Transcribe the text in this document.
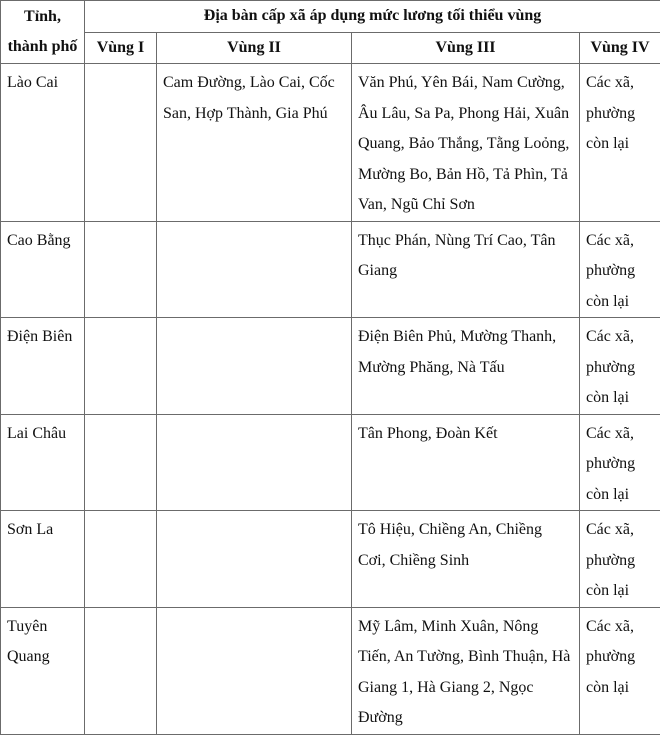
Tỉnh, thành phố	Địa bàn cấp xã áp dụng mức lương tối thiểu vùng			
	Vùng I	Vùng II	Vùng III	Vùng IV

Lào Cai		Cam Đường, Lào Cai, Cốc San, Hợp Thành, Gia Phú	Văn Phú, Yên Bái, Nam Cường, Âu Lâu, Sa Pa, Phong Hải, Xuân Quang, Bảo Thắng, Tằng Loỏng, Mường Bo, Bản Hồ, Tả Phìn, Tả Van, Ngũ Chỉ Sơn	Các xã, phường còn lại

Cao Bằng			Thục Phán, Nùng Trí Cao, Tân Giang	Các xã, phường còn lại

Điện Biên			Điện Biên Phủ, Mường Thanh, Mường Phăng, Nà Tấu	Các xã, phường còn lại

Lai Châu			Tân Phong, Đoàn Kết	Các xã, phường còn lại

Sơn La			Tô Hiệu, Chiềng An, Chiềng Cơi, Chiềng Sinh	Các xã, phường còn lại

Tuyên Quang			Mỹ Lâm, Minh Xuân, Nông Tiến, An Tường, Bình Thuận, Hà Giang 1, Hà Giang 2, Ngọc Đường	Các xã, phường còn lại
